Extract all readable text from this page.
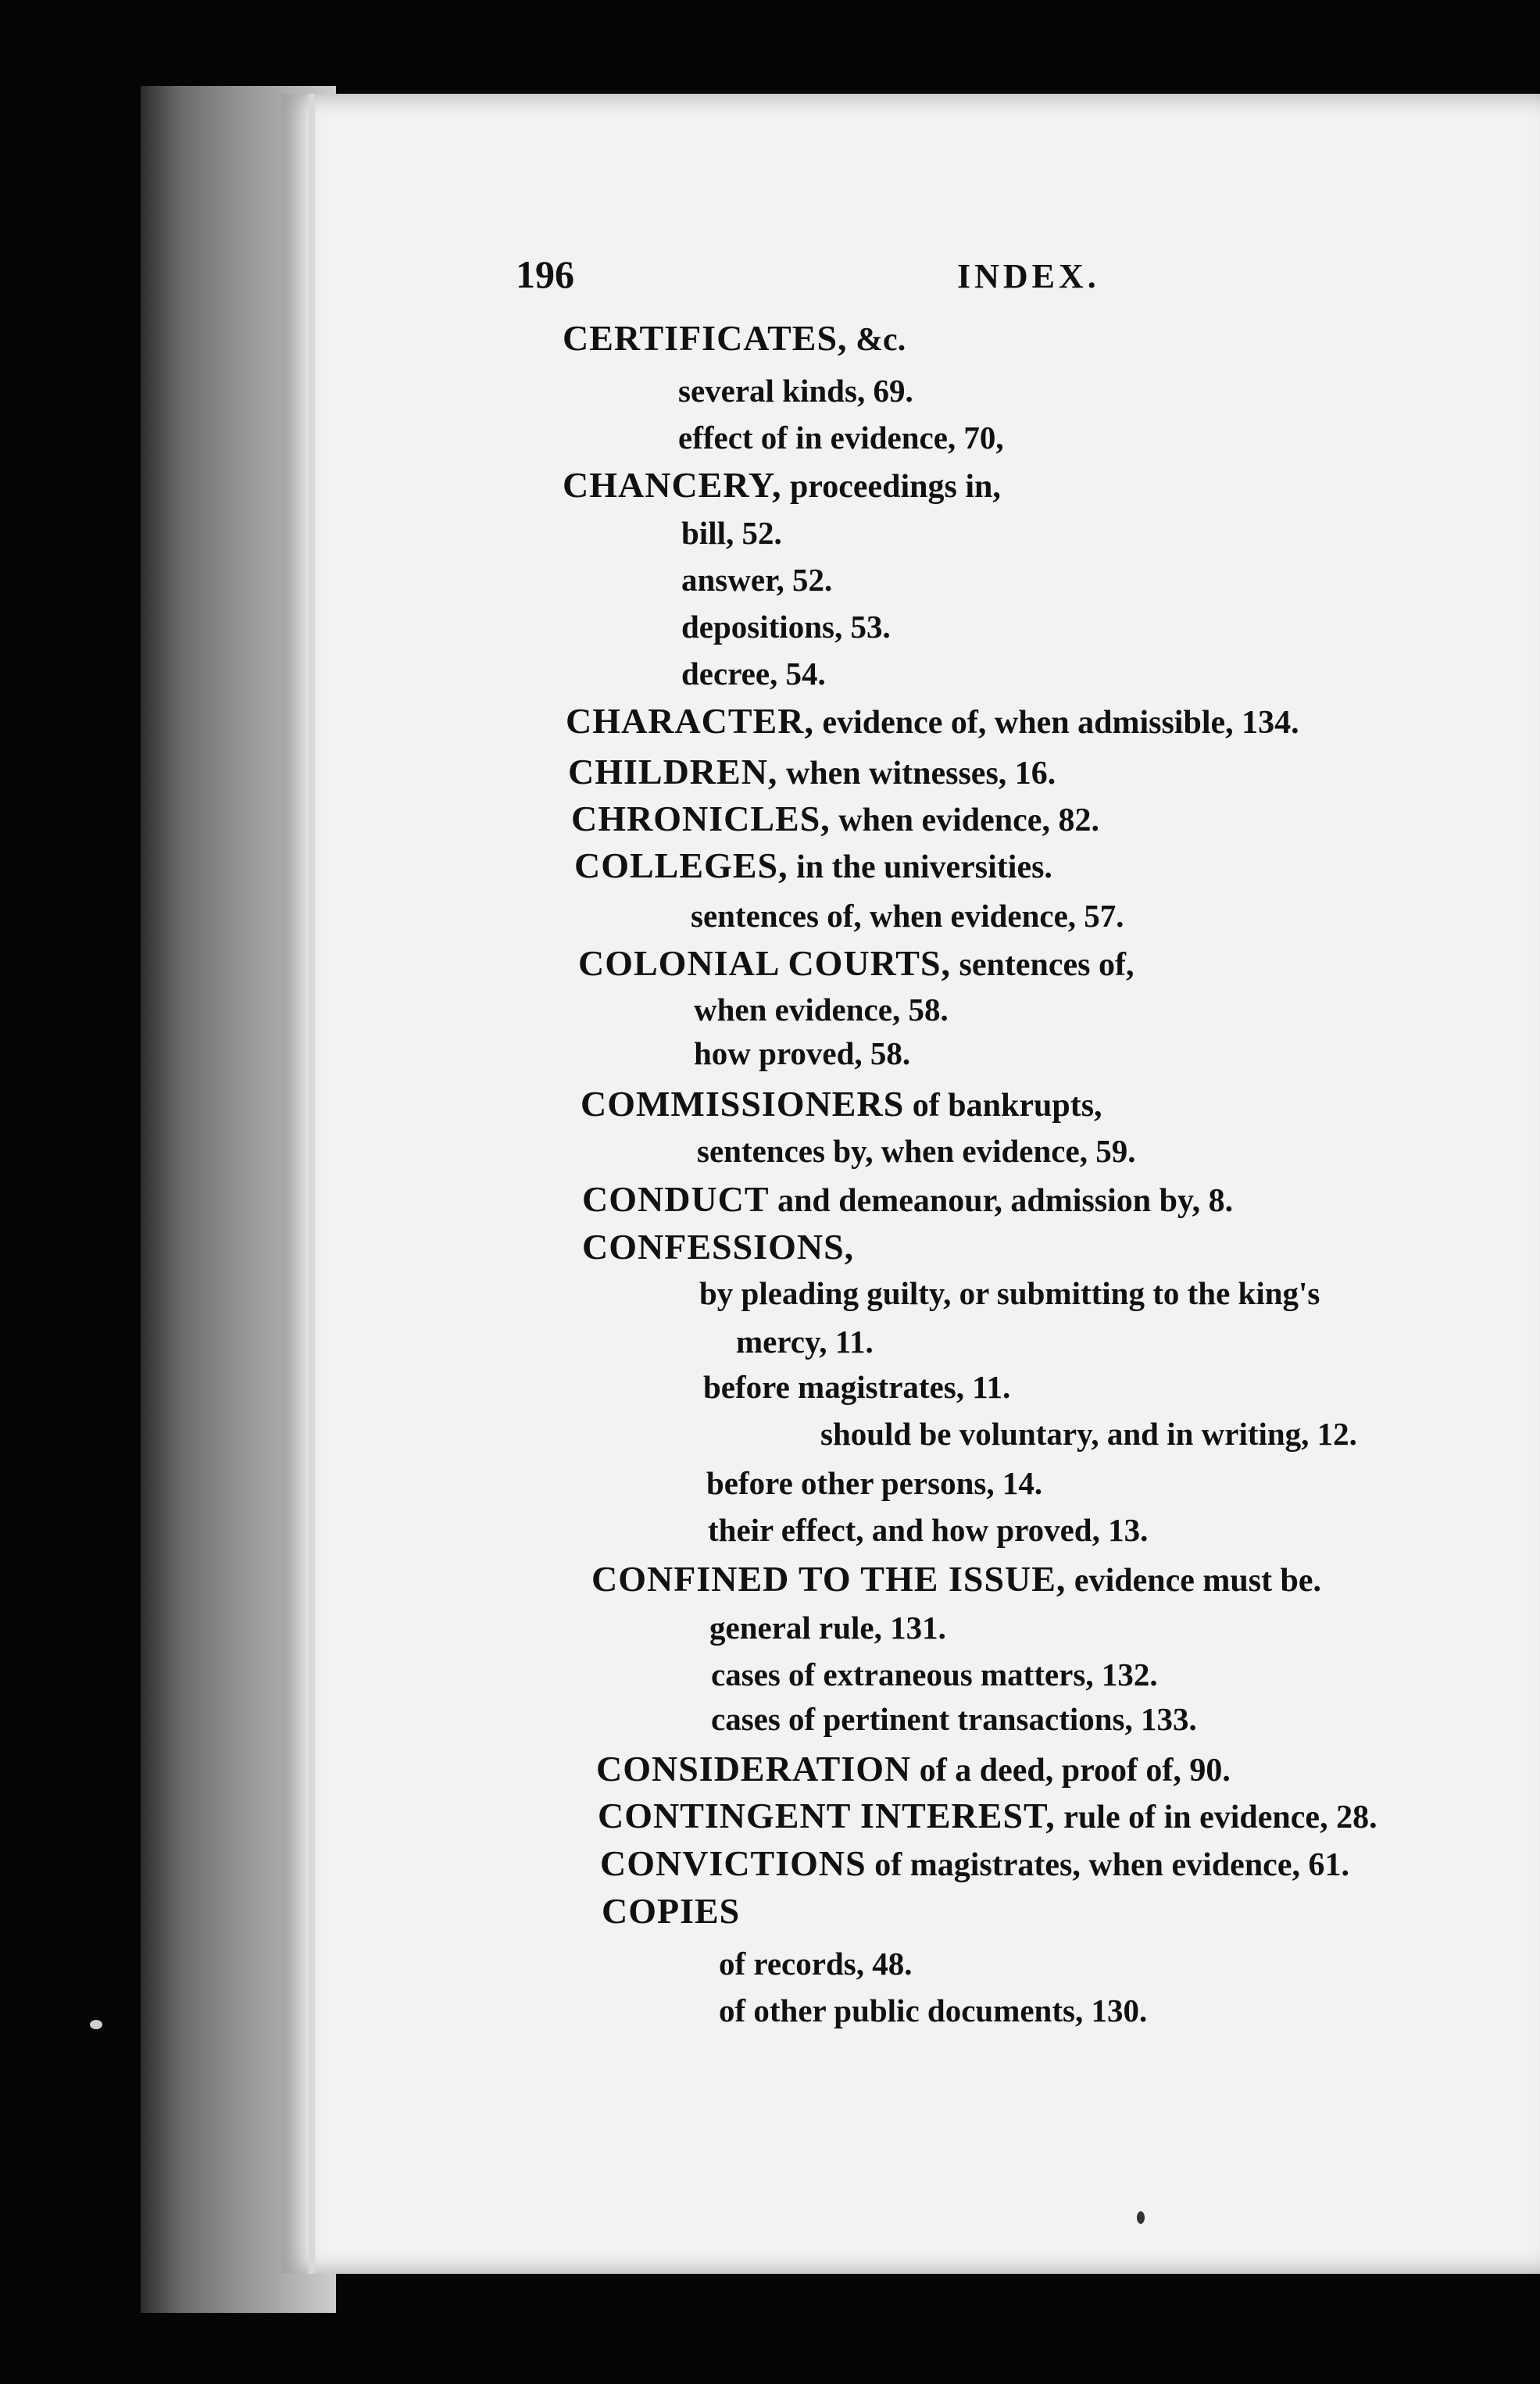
196	INDEX.
CERTIFICATES, &c.
several kinds, 69.
effect of in evidence, 70,
CHANCERY, proceedings in,
bill, 52.
answer, 52.
depositions, 53.
decree, 54.
CHARACTER, evidence of, when admissible, 134.
CHILDREN, when witnesses, 16.
CHRONICLES, when evidence, 82.
COLLEGES, in the universities.
sentences of, when evidence, 57.
COLONIAL COURTS, sentences of,
when evidence, 58.
how proved, 58.
COMMISSIONERS of bankrupts,
sentences by, when evidence, 59.
CONDUCT and demeanour, admission by, 8.
CONFESSIONS,
by pleading guilty, or submitting to the king's
mercy, 11.
before magistrates, 11.
should be voluntary, and in writing, 12.
before other persons, 14.
their effect, and how proved, 13.
CONFINED TO THE ISSUE, evidence must be.
general rule, 131.
cases of extraneous matters, 132.
cases of pertinent transactions, 133.
CONSIDERATION of a deed, proof of, 90.
CONTINGENT INTEREST, rule of in evidence, 28.
CONVICTIONS of magistrates, when evidence, 61.
COPIES
of records, 48.
of other public documents, 130.
